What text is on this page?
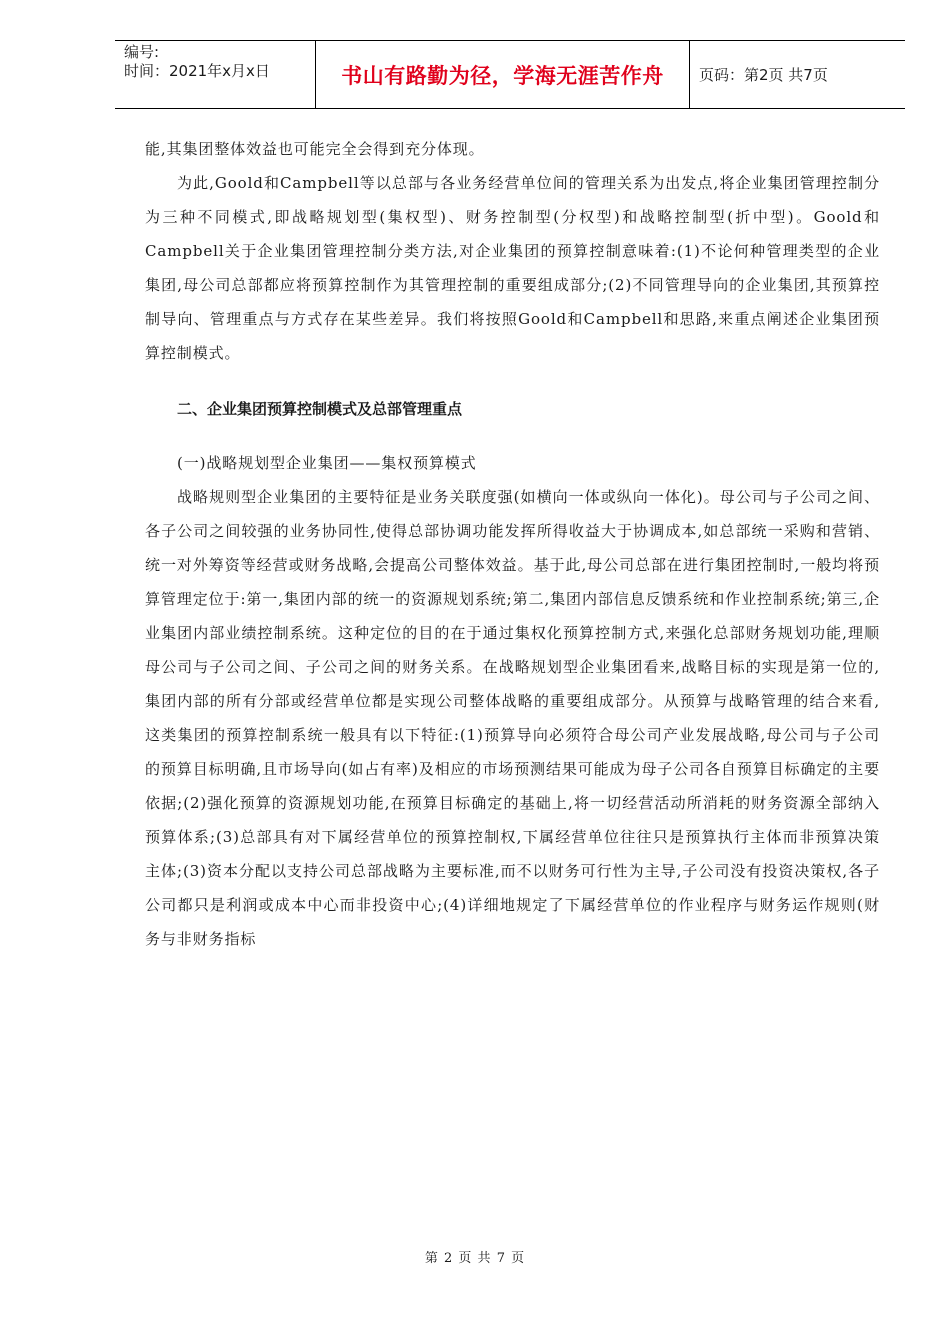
编号:
时间：2021年x月x日	书山有路勤为径，学海无涯苦作舟 页码：第2页 共7页

能,其集团整体效益也可能完全会得到充分体现。

为此,Goold和Campbell等以总部与各业务经营单位间的管理关系为出发点,将企业集团管理控制分为三种不同模式,即战略规划型(集权型)、财务控制型(分权型)和战略控制型(折中型)。Goold和Campbell关于企业集团管理控制分类方法,对企业集团的预算控制意味着:(1)不论何种管理类型的企业集团,母公司总部都应将预算控制作为其管理控制的重要组成部分;(2)不同管理导向的企业集团,其预算控制导向、管理重点与方式存在某些差异。我们将按照Goold和Campbell和思路,来重点阐述企业集团预算控制模式。

二、企业集团预算控制模式及总部管理重点

(一)战略规划型企业集团——集权预算模式

战略规则型企业集团的主要特征是业务关联度强(如横向一体或纵向一体化)。母公司与子公司之间、各子公司之间较强的业务协同性,使得总部协调功能发挥所得收益大于协调成本,如总部统一采购和营销、统一对外筹资等经营或财务战略,会提高公司整体效益。基于此,母公司总部在进行集团控制时,一般均将预算管理定位于:第一,集团内部的统一的资源规划系统;第二,集团内部信息反馈系统和作业控制系统;第三,企业集团内部业绩控制系统。这种定位的目的在于通过集权化预算控制方式,来强化总部财务规划功能,理顺母公司与子公司之间、子公司之间的财务关系。在战略规划型企业集团看来,战略目标的实现是第一位的,集团内部的所有分部或经营单位都是实现公司整体战略的重要组成部分。从预算与战略管理的结合来看,这类集团的预算控制系统一般具有以下特征:(1)预算导向必须符合母公司产业发展战略,母公司与子公司的预算目标明确,且市场导向(如占有率)及相应的市场预测结果可能成为母子公司各自预算目标确定的主要依据;(2)强化预算的资源规划功能,在预算目标确定的基础上,将一切经营活动所消耗的财务资源全部纳入预算体系;(3)总部具有对下属经营单位的预算控制权,下属经营单位往往只是预算执行主体而非预算决策主体;(3)资本分配以支持公司总部战略为主要标准,而不以财务可行性为主导,子公司没有投资决策权,各子公司都只是利润或成本中心而非投资中心;(4)详细地规定了下属经营单位的作业程序与财务运作规则(财务与非财务指标

第 2 页 共 7 页
